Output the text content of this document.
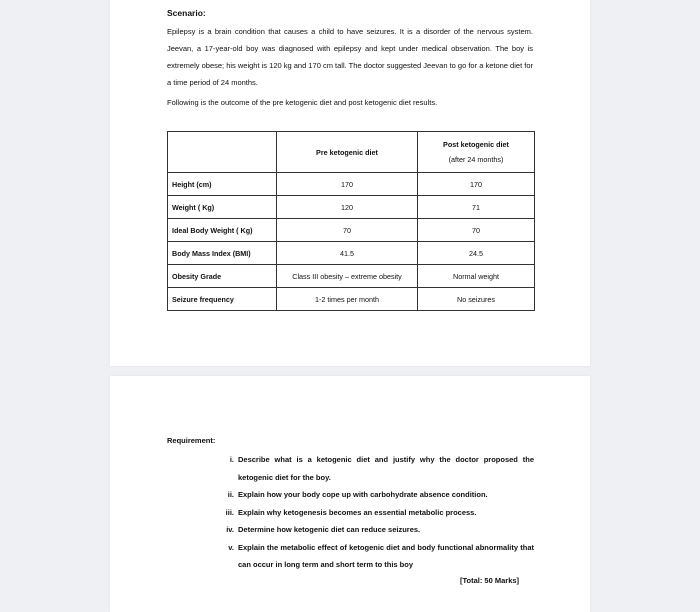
Scenario:
Epilepsy is a brain condition that causes a child to have seizures. It is a disorder of the nervous system. Jeevan, a 17-year-old boy was diagnosed with epilepsy and kept under medical observation. The boy is extremely obese; his weight is 120 kg and 170 cm tall. The doctor suggested Jeevan to go for a ketone diet for a time period of 24 months.
Following is the outcome of the pre ketogenic diet and post ketogenic diet results.
	Pre ketogenic diet	Post ketogenic diet
(after 24 months)

Height (cm)	170	170
Weight ( Kg)	120	71
Ideal Body Weight ( Kg)	70	70
Body Mass Index (BMI)	41.5	24.5
Obesity Grade	Class III obesity – extreme obesity	Normal weight
Seizure frequency	1-2 times per month	No seizures
Requirement:
i. Describe what is a ketogenic diet and justify why the doctor proposed the ketogenic diet for the boy.
ii. Explain how your body cope up with carbohydrate absence condition.
iii. Explain why ketogenesis becomes an essential metabolic process.
iv. Determine how ketogenic diet can reduce seizures.
v. Explain the metabolic effect of ketogenic diet and body functional abnormality that can occur in long term and short term to this boy
[Total: 50 Marks]
